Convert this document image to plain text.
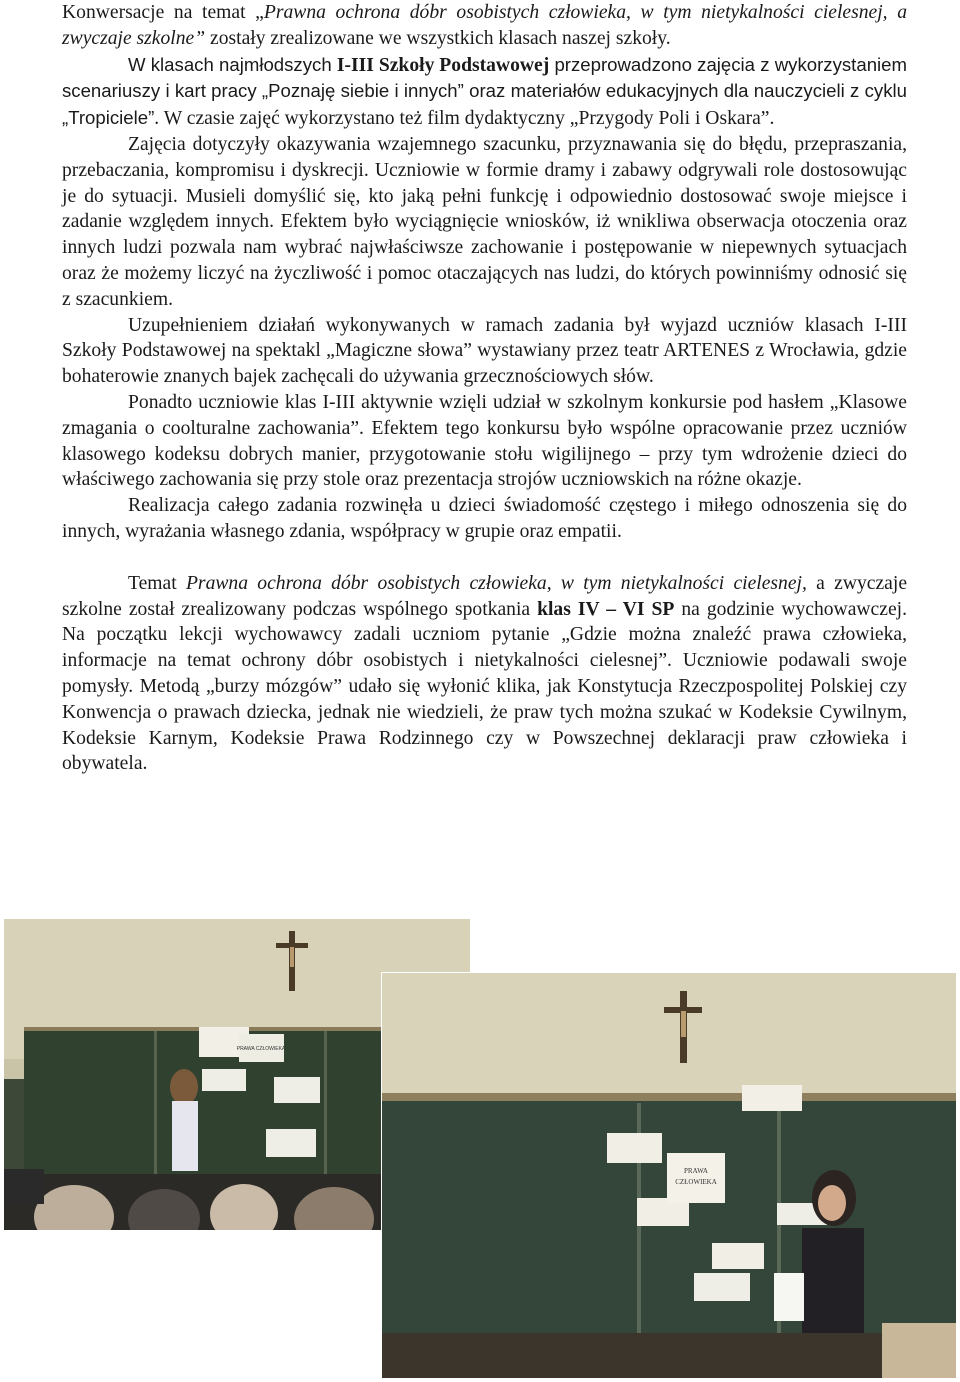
Konwersacje na temat „Prawna ochrona dóbr osobistych człowieka, w tym nietykalności cielesnej, a zwyczaje szkolne” zostały zrealizowane we wszystkich klasach naszej szkoły.

W klasach najmłodszych I-III Szkoły Podstawowej przeprowadzono zajęcia z wykorzystaniem scenariuszy i kart pracy „Poznaję siebie i innych” oraz materiałów edukacyjnych dla nauczycieli z cyklu „Tropiciele”. W czasie zajęć wykorzystano też film dydaktyczny „Przygody Poli i Oskara”.

Zajęcia dotyczyły okazywania wzajemnego szacunku, przyznawania się do błędu, przepraszania, przebaczania, kompromisu i dyskrecji. Uczniowie w formie dramy i zabawy odgrywali role dostosowując je do sytuacji. Musieli domyślić się, kto jaką pełni funkcję i odpowiednio dostosować swoje miejsce i zadanie względem innych. Efektem było wyciągnięcie wniosków, iż wnikliwa obserwacja otoczenia oraz innych ludzi pozwala nam wybrać najwłaściwsze zachowanie i postępowanie w niepewnych sytuacjach oraz że możemy liczyć na życzliwość i pomoc otaczających nas ludzi, do których powinniśmy odnosić się z szacunkiem.

Uzupełnieniem działań wykonywanych w ramach zadania był wyjazd uczniów klasach I-III Szkoły Podstawowej na spektakl „Magiczne słowa” wystawiany przez teatr ARTENES z Wrocławia, gdzie bohaterowie znanych bajek zachęcali do używania grzecznościowych słów.

Ponadto uczniowie klas I-III aktywnie wzięli udział w szkolnym konkursie pod hasłem „Klasowe zmagania o coolturalne zachowania”. Efektem tego konkursu było wspólne opracowanie przez uczniów klasowego kodeksu dobrych manier, przygotowanie stołu wigilijnego – przy tym wdrożenie dzieci do właściwego zachowania się przy stole oraz prezentacja strojów uczniowskich na różne okazje.

Realizacja całego zadania rozwinęła u dzieci świadomość częstego i miłego odnoszenia się do innych, wyrażania własnego zdania, współpracy w grupie oraz empatii.

Temat Prawna ochrona dóbr osobistych człowieka, w tym nietykalności cielesnej, a zwyczaje szkolne został zrealizowany podczas wspólnego spotkania klas IV – VI SP na godzinie wychowawczej. Na początku lekcji wychowawcy zadali uczniom pytanie „Gdzie można znaleźć prawa człowieka, informacje na temat ochrony dóbr osobistych i nietykalności cielesnej”. Uczniowie podawali swoje pomysły. Metodą „burzy mózgów” udało się wyłonić klika, jak Konstytucja Rzeczpospolitej Polskiej czy Konwencja o prawach dziecka, jednak nie wiedzieli, że praw tych można szukać w Kodeksie Cywilnym, Kodeksie Karnym, Kodeksie Prawa Rodzinnego czy w Powszechnej deklaracji praw człowieka i obywatela.

PRAWA CZŁOWIEKA
PRAWA
CZŁOWIEKA
